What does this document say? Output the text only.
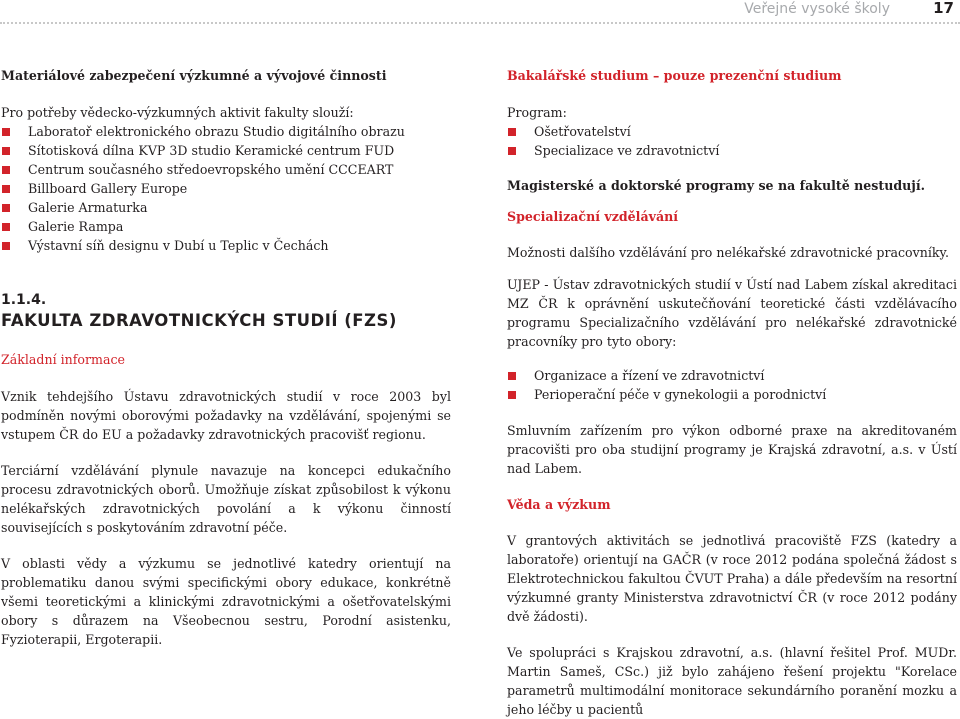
Veřejné vysoké školy	17

Materiálové zabezpečení výzkumné a vývojové činnosti

Pro potřeby vědecko-výzkumných aktivit fakulty slouží:

Laboratoř elektronického obrazu Studio digitálního obrazu
Sítotisková dílna KVP 3D studio Keramické centrum FUD
Centrum současného středoevropského umění CCCEART
Billboard Gallery Europe
Galerie Armaturka
Galerie Rampa
Výstavní síň designu v Dubí u Teplic v Čechách
1.1.4.

FAKULTA ZDRAVOTNICKÝCH STUDIÍ (FZS)

Základní informace

Vznik tehdejšího Ústavu zdravotnických studií v roce 2003 byl podmíněn novými oborovými požadavky na vzdělávání, spojenými se vstupem ČR do EU a požadavky zdravotnických pracovišť regionu.

Terciární vzdělávání plynule navazuje na koncepci edukačního procesu zdravotnických oborů. Umožňuje získat způsobilost k výkonu nelékařských zdravotnických povolání a k výkonu činností souvisejících s poskytováním zdravotní péče.

V oblasti vědy a výzkumu se jednotlivé katedry orientují na problematiku danou svými specifickými obory edukace, konkrétně všemi teoretickými a klinickými zdravotnickými a ošetřovatelskými obory s důrazem na Všeobecnou sestru, Porodní asistenku, Fyzioterapii, Ergoterapii.

Bakalářské studium – pouze prezenční studium

Program:

Ošetřovatelství
Specializace ve zdravotnictví

Magisterské a doktorské programy se na fakultě nestudují.

Specializační vzdělávání

Možnosti dalšího vzdělávání pro nelékařské zdravotnické pracovníky.

UJEP - Ústav zdravotnických studií v Ústí nad Labem získal akreditaci MZ ČR k oprávnění uskutečňování teoretické části vzdělávacího programu Specializačního vzdělávání pro nelékařské zdravotnické pracovníky pro tyto obory:

Organizace a řízení ve zdravotnictví
Perioperační péče v gynekologii a porodnictví

Smluvním zařízením pro výkon odborné praxe na akreditovaném pracovišti pro oba studijní programy je Krajská zdravotní, a.s. v Ústí nad Labem.

Věda a výzkum

V grantových aktivitách se jednotlivá pracoviště FZS (katedry a laboratoře) orientují na GAČR (v roce 2012 podána společná žádost s Elektrotechnickou fakultou ČVUT Praha) a dále především na resortní výzkumné granty Ministerstva zdravotnictví ČR (v roce 2012 podány dvě žádosti).

Ve spolupráci s Krajskou zdravotní, a.s. (hlavní řešitel Prof. MUDr. Martin Sameš, CSc.) již bylo zahájeno řešení projektu "Korelace parametrů multimodální monitorace sekundárního poranění mozku a jeho léčby u pacientů
